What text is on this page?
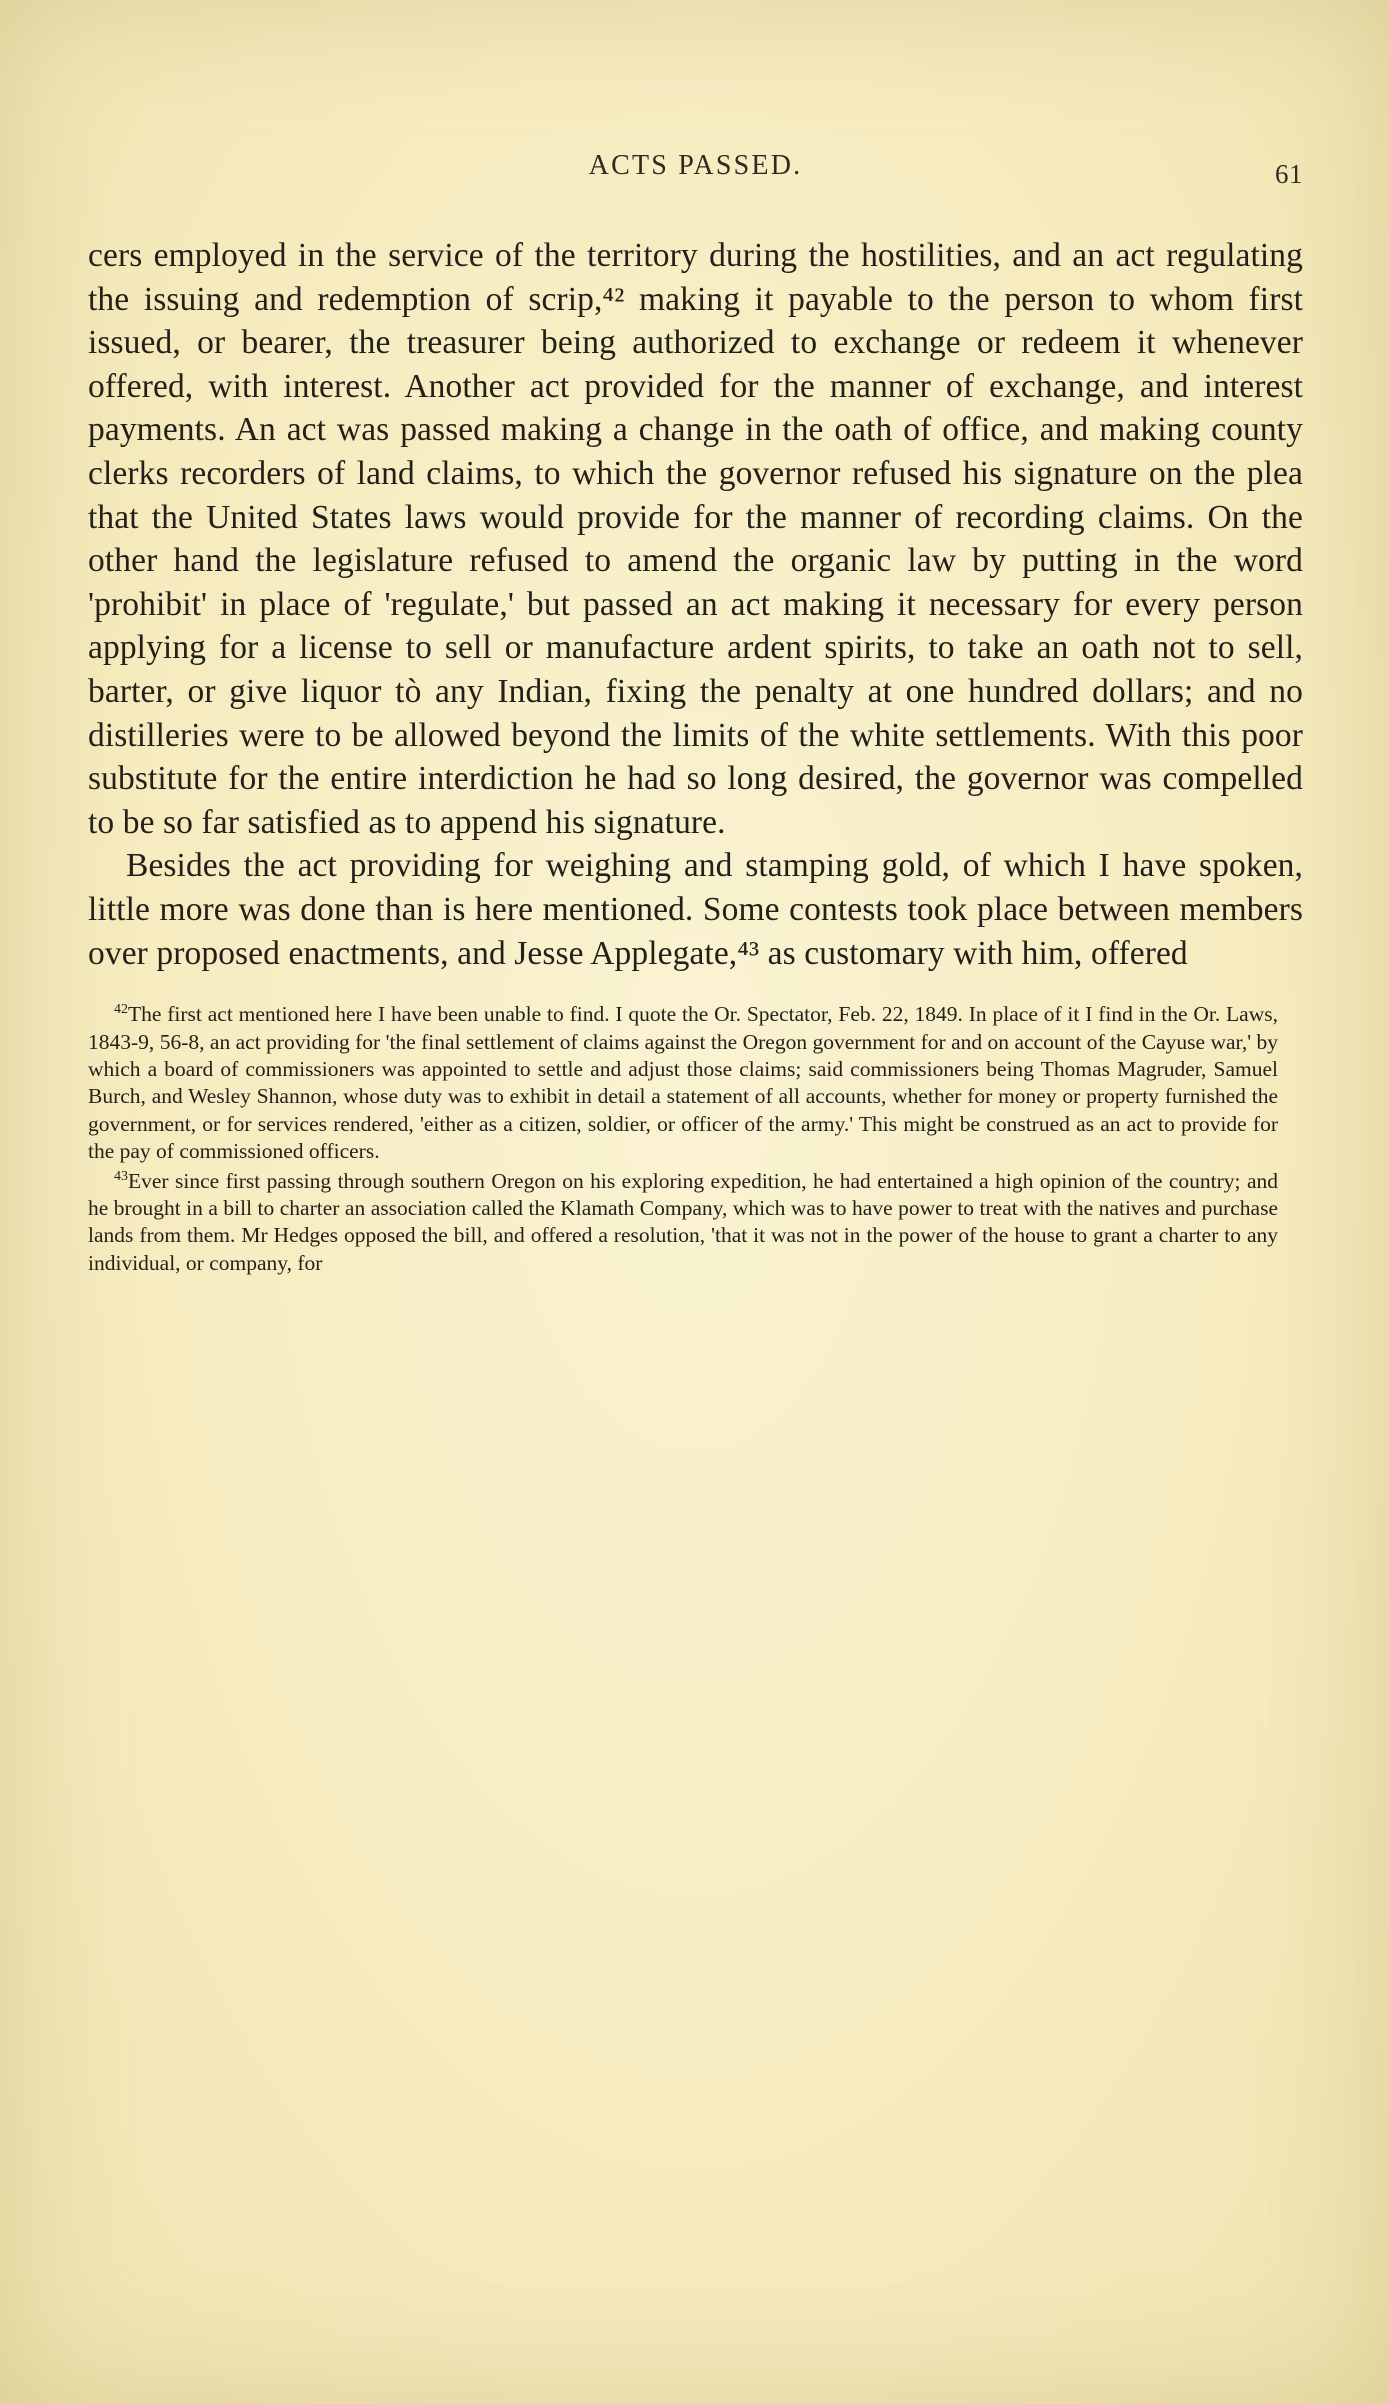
ACTS PASSED.	61

cers employed in the service of the territory during the hostilities, and an act regulating the issuing and redemption of scrip,⁴² making it payable to the person to whom first issued, or bearer, the treasurer being authorized to exchange or redeem it whenever offered, with interest. Another act provided for the manner of exchange, and interest payments. An act was passed making a change in the oath of office, and making county clerks recorders of land claims, to which the governor refused his signature on the plea that the United States laws would provide for the manner of recording claims. On the other hand the legislature refused to amend the organic law by putting in the word 'prohibit' in place of 'regulate,' but passed an act making it necessary for every person applying for a license to sell or manufacture ardent spirits, to take an oath not to sell, barter, or give liquor tò any Indian, fixing the penalty at one hundred dollars; and no distilleries were to be allowed beyond the limits of the white settlements. With this poor substitute for the entire interdiction he had so long desired, the governor was compelled to be so far satisfied as to append his signature.

Besides the act providing for weighing and stamping gold, of which I have spoken, little more was done than is here mentioned. Some contests took place between members over proposed enactments, and Jesse Applegate,⁴³ as customary with him, offered

$^{42}$The first act mentioned here I have been unable to find. I quote the Or. Spectator, Feb. 22, 1849. In place of it I find in the Or. Laws, 1843-9, 56-8, an act providing for 'the final settlement of claims against the Oregon government for and on account of the Cayuse war,' by which a board of commissioners was appointed to settle and adjust those claims; said commissioners being Thomas Magruder, Samuel Burch, and Wesley Shannon, whose duty was to exhibit in detail a statement of all accounts, whether for money or property furnished the government, or for services rendered, 'either as a citizen, soldier, or officer of the army.' This might be construed as an act to provide for the pay of commissioned officers.

$^{43}$Ever since first passing through southern Oregon on his exploring expedition, he had entertained a high opinion of the country; and he brought in a bill to charter an association called the Klamath Company, which was to have power to treat with the natives and purchase lands from them. Mr Hedges opposed the bill, and offered a resolution, 'that it was not in the power of the house to grant a charter to any individual, or company, for
